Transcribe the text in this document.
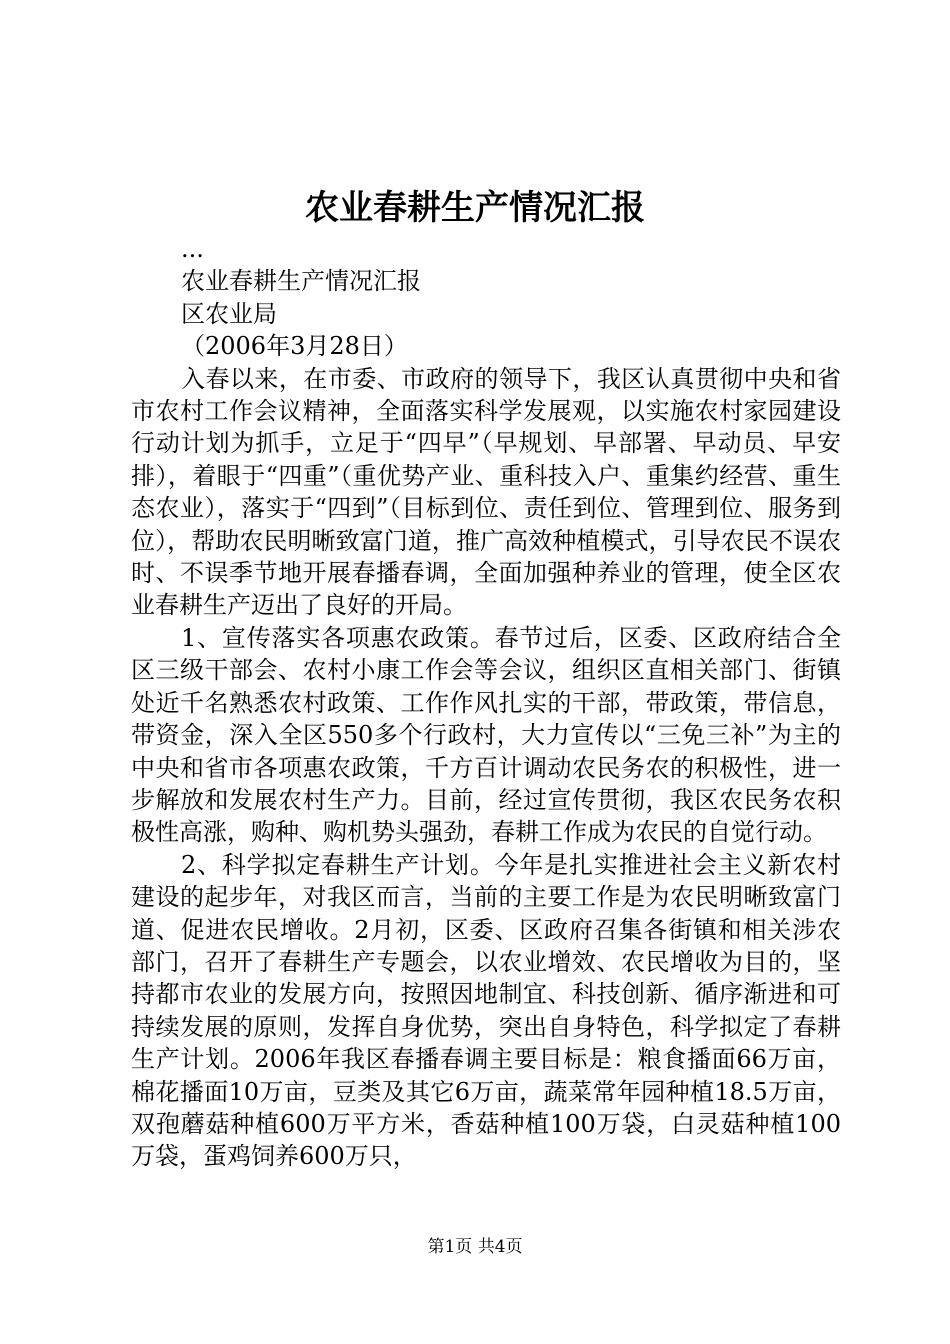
农业春耕生产情况汇报

...

农业春耕生产情况汇报

区农业局

（2006年3月28日）

入春以来，在市委、市政府的领导下，我区认真贯彻中央和省市农村工作会议精神，全面落实科学发展观，以实施农村家园建设行动计划为抓手，立足于“四早”（早规划、早部署、早动员、早安排），着眼于“四重”（重优势产业、重科技入户、重集约经营、重生态农业），落实于“四到”（目标到位、责任到位、管理到位、服务到位），帮助农民明晰致富门道，推广高效种植模式，引导农民不误农时、不误季节地开展春播春调，全面加强种养业的管理，使全区农业春耕生产迈出了良好的开局。

1、宣传落实各项惠农政策。春节过后，区委、区政府结合全区三级干部会、农村小康工作会等会议，组织区直相关部门、街镇处近千名熟悉农村政策、工作作风扎实的干部，带政策，带信息，带资金，深入全区550多个行政村，大力宣传以“三免三补”为主的中央和省市各项惠农政策，千方百计调动农民务农的积极性，进一步解放和发展农村生产力。目前，经过宣传贯彻，我区农民务农积极性高涨，购种、购机势头强劲，春耕工作成为农民的自觉行动。

2、科学拟定春耕生产计划。今年是扎实推进社会主义新农村建设的起步年，对我区而言，当前的主要工作是为农民明晰致富门道、促进农民增收。2月初，区委、区政府召集各街镇和相关涉农部门，召开了春耕生产专题会，以农业增效、农民增收为目的，坚持都市农业的发展方向，按照因地制宜、科技创新、循序渐进和可持续发展的原则，发挥自身优势，突出自身特色，科学拟定了春耕生产计划。2006年我区春播春调主要目标是：粮食播面66万亩，棉花播面10万亩，豆类及其它6万亩，蔬菜常年园种植18.5万亩，双孢蘑菇种植600万平方米，香菇种植100万袋，白灵菇种植100万袋，蛋鸡饲养600万只，

第1页 共4页
